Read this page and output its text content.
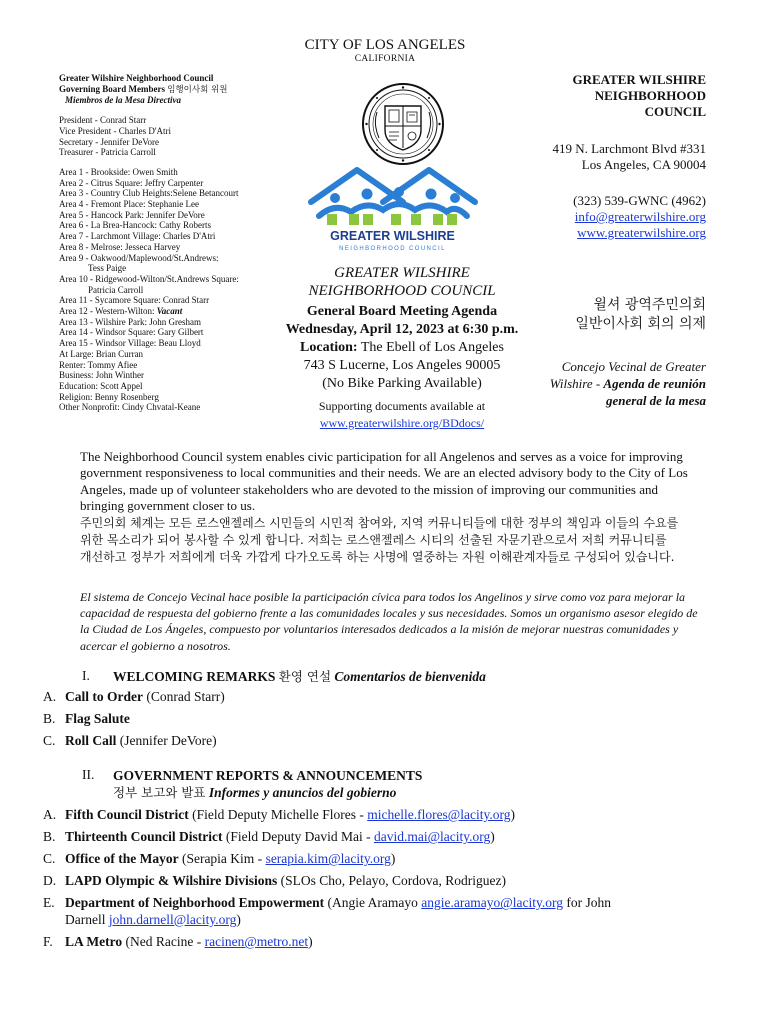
CITY OF LOS ANGELES
CALIFORNIA
Greater Wilshire Neighborhood Council
Governing Board Members 임행이사회 위원
Miembros de la Mesa Directiva
President - Conrad Starr
Vice President - Charles D'Atri
Secretary - Jennifer DeVore
Treasurer - Patricia Carroll
Area 1 - Brookside: Owen Smith
Area 2 - Citrus Square: Jeffry Carpenter
Area 3 - Country Club Heights:Selene Betancourt
Area 4 - Fremont Place: Stephanie Lee
Area 5 - Hancock Park: Jennifer DeVore
Area 6 - La Brea-Hancock: Cathy Roberts
Area 7 - Larchmont Village: Charles D'Atri
Area 8 - Melrose: Jesseca Harvey
Area 9 - Oakwood/Maplewood/St.Andrews:
Tess Paige
Area 10 - Ridgewood-Wilton/St.Andrews Square:
Patricia Carroll
Area 11 - Sycamore Square: Conrad Starr
Area 12 - Western-Wilton: Vacant
Area 13 - Wilshire Park: John Gresham
Area 14 - Windsor Square: Gary Gilbert
Area 15 - Windsor Village: Beau Lloyd
At Large: Brian Curran
Renter: Tommy Afiee
Business: John Winther
Education: Scott Appel
Religion: Benny Rosenberg
Other Nonprofit: Cindy Chvatal-Keane
GREATER WILSHIRE
NEIGHBORHOOD COUNCIL
GREATER WILSHIRE
NEIGHBORHOOD COUNCIL
General Board Meeting Agenda
Wednesday, April 12, 2023 at 6:30 p.m.
Location: The Ebell of Los Angeles
743 S Lucerne, Los Angeles 90005
(No Bike Parking Available)
Supporting documents available at
www.greaterwilshire.org/BDdocs/
GREATER WILSHIRE
NEIGHBORHOOD
COUNCIL
419 N. Larchmont Blvd #331
Los Angeles, CA 90004
(323) 539-GWNC (4962)
info@greaterwilshire.org
www.greaterwilshire.org
윌셔 광역주민의회
일반이사회 회의 의제
Concejo Vecinal de Greater Wilshire - Agenda de reunión general de la mesa
The Neighborhood Council system enables civic participation for all Angelenos and serves as a voice for improving government responsiveness to local communities and their needs. We are an elected advisory body to the City of Los Angeles, made up of volunteer stakeholders who are devoted to the mission of improving our communities and bringing government closer to us.
주민의회 체계는 모든 로스앤젤레스 시민들의 시민적 참여와, 지역 커뮤니티들에 대한 정부의 책임과 이들의 수요를 위한 목소리가 되어 봉사할 수 있게 합니다. 저희는 로스앤젤레스 시티의 선출된 자문기관으로서 저희 커뮤니티를 개선하고 정부가 저희에게 더욱 가깝게 다가오도록 하는 사명에 열중하는 자원 이해관계자들로 구성되어 있습니다.
El sistema de Concejo Vecinal hace posible la participación cívica para todos los Angelinos y sirve como voz para mejorar la capacidad de respuesta del gobierno frente a las comunidades locales y sus necesidades. Somos un organismo asesor elegido de la Ciudad de Los Ángeles, compuesto por voluntarios interesados dedicados a la misión de mejorar nuestras comunidades y acercar el gobierno a nosotros.
I. WELCOMING REMARKS 환영 연설 Comentarios de bienvenida
A. Call to Order (Conrad Starr)
B. Flag Salute
C. Roll Call (Jennifer DeVore)
II. GOVERNMENT REPORTS & ANNOUNCEMENTS
정부 보고와 발표 Informes y anuncios del gobierno
A. Fifth Council District (Field Deputy Michelle Flores - michelle.flores@lacity.org)
B. Thirteenth Council District (Field Deputy David Mai - david.mai@lacity.org)
C. Office of the Mayor (Serapia Kim - serapia.kim@lacity.org)
D. LAPD Olympic & Wilshire Divisions (SLOs Cho, Pelayo, Cordova, Rodriguez)
E. Department of Neighborhood Empowerment (Angie Aramayo angie.aramayo@lacity.org for John Darnell john.darnell@lacity.org)
F. LA Metro (Ned Racine - racinen@metro.net)
